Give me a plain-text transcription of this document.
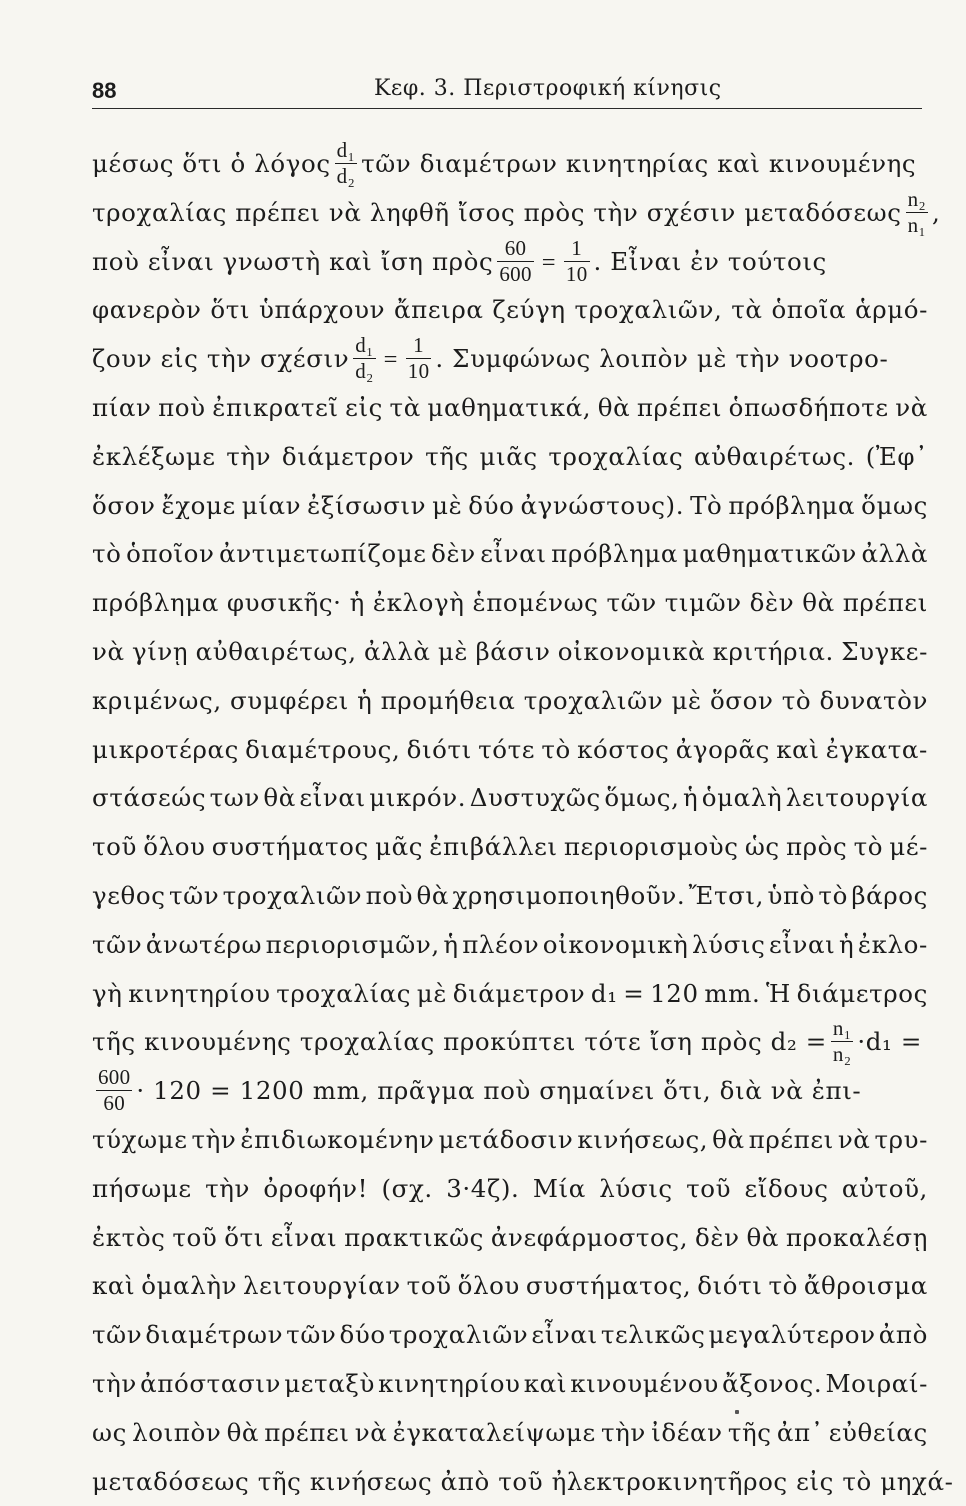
88	Κεφ. 3. Περιστροφική κίνησις
μέσως ὅτι ὁ λόγος $\frac{\text{d₁}}{\text{d₂}}$ τῶν διαμέτρων κινητηρίας καὶ κινουμένης
τροχαλίας πρέπει νὰ ληφθῆ ἴσος πρὸς τὴν σχέσιν μεταδόσεως $\frac{\text{n₂}}{\text{n₁}}$ ,
ποὺ εἶναι γνωστὴ καὶ ἴση πρὸς $\frac{60}{600} = \frac{1}{10}$ . Εἶναι ἐν τούτοις
φανερὸν ὅτι ὑπάρχουν ἄπειρα ζεύγη τροχαλιῶν, τὰ ὁποῖα ἁρμό-
ζουν εἰς τὴν σχέσιν $\frac{\text{d₁}}{\text{d₂}} = \frac{1}{10}$ . Συμφώνως λοιπὸν μὲ τὴν νοοτρο-
πίαν ποὺ ἐπικρατεῖ εἰς τὰ μαθηματικά, θὰ πρέπει ὁπωσδήποτε νὰ
ἐκλέξωμε τὴν διάμετρον τῆς μιᾶς τροχαλίας αὐθαιρέτως. (Ἐφ᾽
ὅσον ἔχομε μίαν ἐξίσωσιν μὲ δύο ἀγνώστους). Τὸ πρόβλημα ὅμως
τὸ ὁποῖον ἀντιμετωπίζομε δὲν εἶναι πρόβλημα μαθηματικῶν ἀλλὰ
πρόβλημα φυσικῆς· ἡ ἐκλογὴ ἑπομένως τῶν τιμῶν δὲν θὰ πρέπει
νὰ γίνῃ αὐθαιρέτως, ἀλλὰ μὲ βάσιν οἰκονομικὰ κριτήρια. Συγκε-
κριμένως, συμφέρει ἡ προμήθεια τροχαλιῶν μὲ ὅσον τὸ δυνατὸν
μικροτέρας διαμέτρους, διότι τότε τὸ κόστος ἀγορᾶς καὶ ἐγκατα-
στάσεώς των θὰ εἶναι μικρόν. Δυστυχῶς ὅμως, ἡ ὁμαλὴ λειτουργία
τοῦ ὅλου συστήματος μᾶς ἐπιβάλλει περιορισμοὺς ὡς πρὸς τὸ μέ-
γεθος τῶν τροχαλιῶν ποὺ θὰ χρησιμοποιηθοῦν. Ἔτσι, ὑπὸ τὸ βάρος
τῶν ἀνωτέρω περιορισμῶν, ἡ πλέον οἰκονομικὴ λύσις εἶναι ἡ ἐκλο-
γὴ κινητηρίου τροχαλίας μὲ διάμετρον d₁ = 120 mm. Ἡ διάμετρος
τῆς κινουμένης τροχαλίας προκύπτει τότε ἴση πρὸς $d_2 = \frac{\text{n₁}}{\text{n₂}} \cdot d_1$ =
$\frac{600}{60} \cdot 120 = 1200$ mm, πρᾶγμα ποὺ σημαίνει ὅτι, διὰ νὰ ἐπι-
τύχωμε τὴν ἐπιδιωκομένην μετάδοσιν κινήσεως, θὰ πρέπει νὰ τρυ-
πήσωμε τὴν ὀροφήν! (σχ. 3·4ζ). Μία λύσις τοῦ εἴδους αὐτοῦ,
ἐκτὸς τοῦ ὅτι εἶναι πρακτικῶς ἀνεφάρμοστος, δὲν θὰ προκαλέσῃ
καὶ ὁμαλὴν λειτουργίαν τοῦ ὅλου συστήματος, διότι τὸ ἄθροισμα
τῶν διαμέτρων τῶν δύο τροχαλιῶν εἶναι τελικῶς μεγαλύτερον ἀπὸ
τὴν ἀπόστασιν μεταξὺ κινητηρίου καὶ κινουμένου ἄξονος. Μοιραί-
ως λοιπὸν θὰ πρέπει νὰ ἐγκαταλείψωμε τὴν ἰδέαν τῆς ἀπ᾽ εὐθείας
μεταδόσεως τῆς κινήσεως ἀπὸ τοῦ ἠλεκτροκινητῆρος εἰς τὸ μηχά-
